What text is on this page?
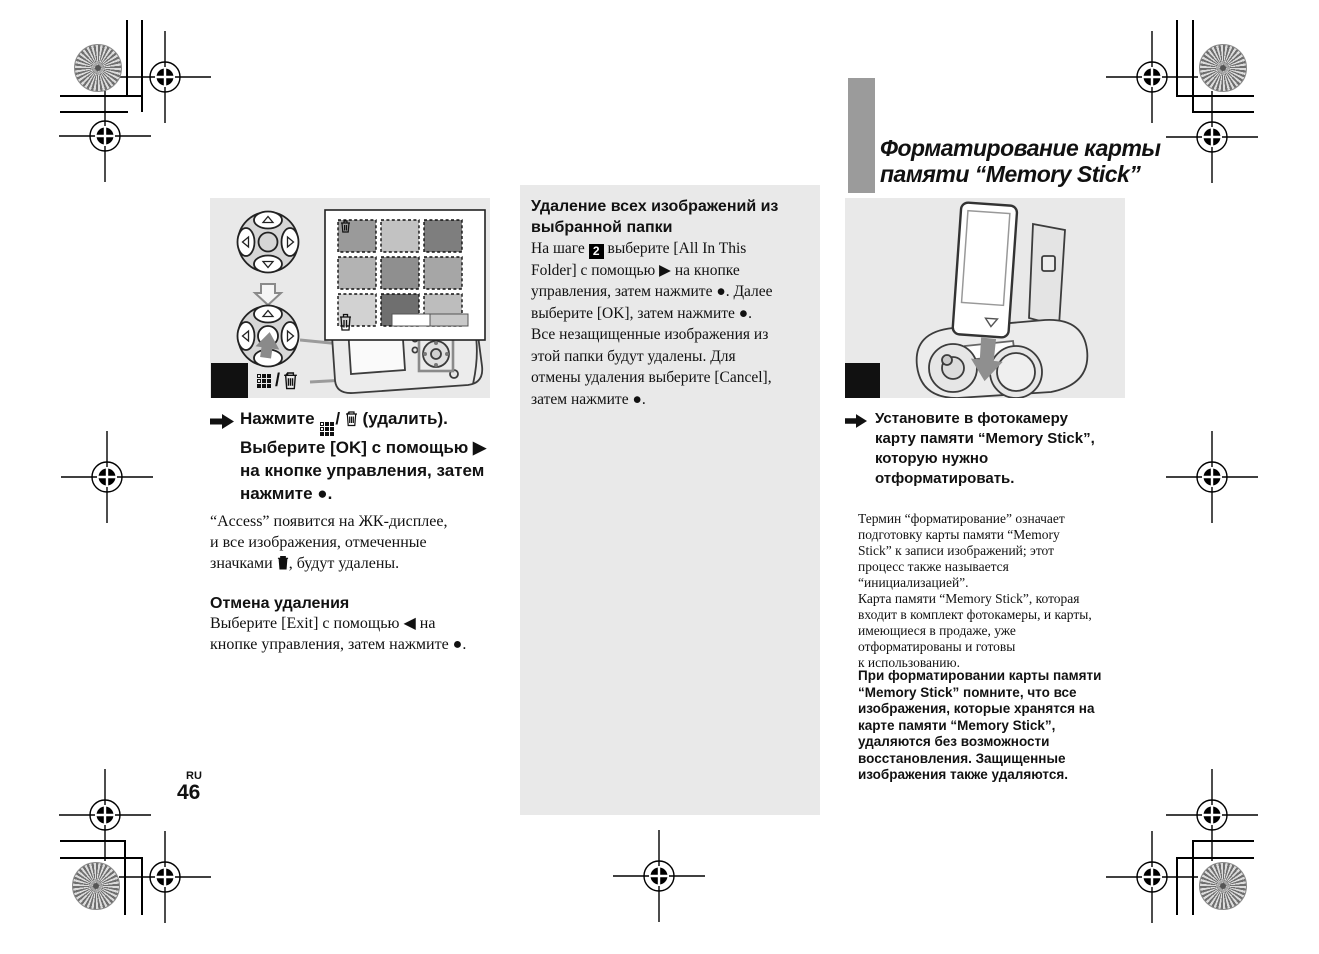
/
Нажмите / (удалить).
Выберите [OK] с помощью ▶
на кнопке управления, затем
нажмите ●.
“Access” появится на ЖК-дисплее,
и все изображения, отмеченные
значками , будут удалены.
Отмена удаления
Выберите [Exit] с помощью ◀ на
кнопке управления, затем нажмите ●.
RU
46
Удаление всех изображений из
выбранной папки
На шаге 2 выберите [All In This
Folder] с помощью ▶ на кнопке
управления, затем нажмите ●. Далее
выберите [OK], затем нажмите ●.
Все незащищенные изображения из
этой папки будут удалены. Для
отмены удаления выберите [Cancel],
затем нажмите ●.
Форматирование карты
памяти “Memory Stick”
Установите в фотокамеру
карту памяти “Memory Stick”,
которую нужно
отформатировать.
Термин “форматирование” означает
подготовку карты памяти “Memory
Stick” к записи изображений; этот
процесс также называется
“инициализацией”.
Карта памяти “Memory Stick”, которая
входит в комплект фотокамеры, и карты,
имеющиеся в продаже, уже
отформатированы и готовы
к использованию.
При форматировании карты памяти
“Memory Stick” помните, что все
изображения, которые хранятся на
карте памяти “Memory Stick”,
удаляются без возможности
восстановления. Защищенные
изображения также удаляются.
